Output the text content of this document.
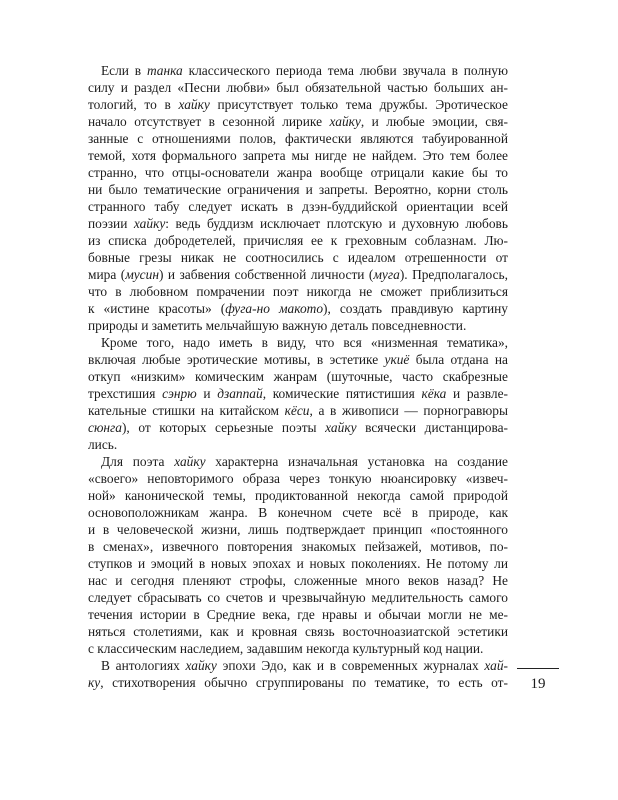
Если в танка классического периода тема любви звучала в полную
силу и раздел «Песни любви» был обязательной частью больших ан-
тологий, то в хайку присутствует только тема дружбы. Эротическое
начало отсутствует в сезонной лирике хайку, и любые эмоции, свя-
занные с отношениями полов, фактически являются табуированной
темой, хотя формального запрета мы нигде не найдем. Это тем более
странно, что отцы-основатели жанра вообще отрицали какие бы то
ни было тематические ограничения и запреты. Вероятно, корни столь
странного табу следует искать в дзэн-буддийской ориентации всей
поэзии хайку: ведь буддизм исключает плотскую и духовную любовь
из списка добродетелей, причисляя ее к греховным соблазнам. Лю-
бовные грезы никак не соотносились с идеалом отрешенности от
мира (мусин) и забвения собственной личности (муга). Предполагалось,
что в любовном помрачении поэт никогда не сможет приблизиться
к «истине красоты» (фуга-но макото), создать правдивую картину
природы и заметить мельчайшую важную деталь повседневности.
Кроме того, надо иметь в виду, что вся «низменная тематика»,
включая любые эротические мотивы, в эстетике укиё была отдана на
откуп «низким» комическим жанрам (шуточные, часто скабрезные
трехстишия сэнрю и дзаппай, комические пятистишия кёка и развле-
кательные стишки на китайском кёси, а в живописи — порногравюры
сюнга), от которых серьезные поэты хайку всячески дистанцирова-
лись.
Для поэта хайку характерна изначальная установка на создание
«своего» неповторимого образа через тонкую нюансировку «извеч-
ной» канонической темы, продиктованной некогда самой природой
основоположникам жанра. В конечном счете всё в природе, как
и в человеческой жизни, лишь подтверждает принцип «постоянного
в сменах», извечного повторения знакомых пейзажей, мотивов, по-
ступков и эмоций в новых эпохах и новых поколениях. Не потому ли
нас и сегодня пленяют строфы, сложенные много веков назад? Не
следует сбрасывать со счетов и чрезвычайную медлительность самого
течения истории в Средние века, где нравы и обычаи могли не ме-
няться столетиями, как и кровная связь восточноазиатской эстетики
с классическим наследием, задавшим некогда культурный код нации.
В антологиях хайку эпохи Эдо, как и в современных журналах хай-
ку, стихотворения обычно сгруппированы по тематике, то есть от-	19
